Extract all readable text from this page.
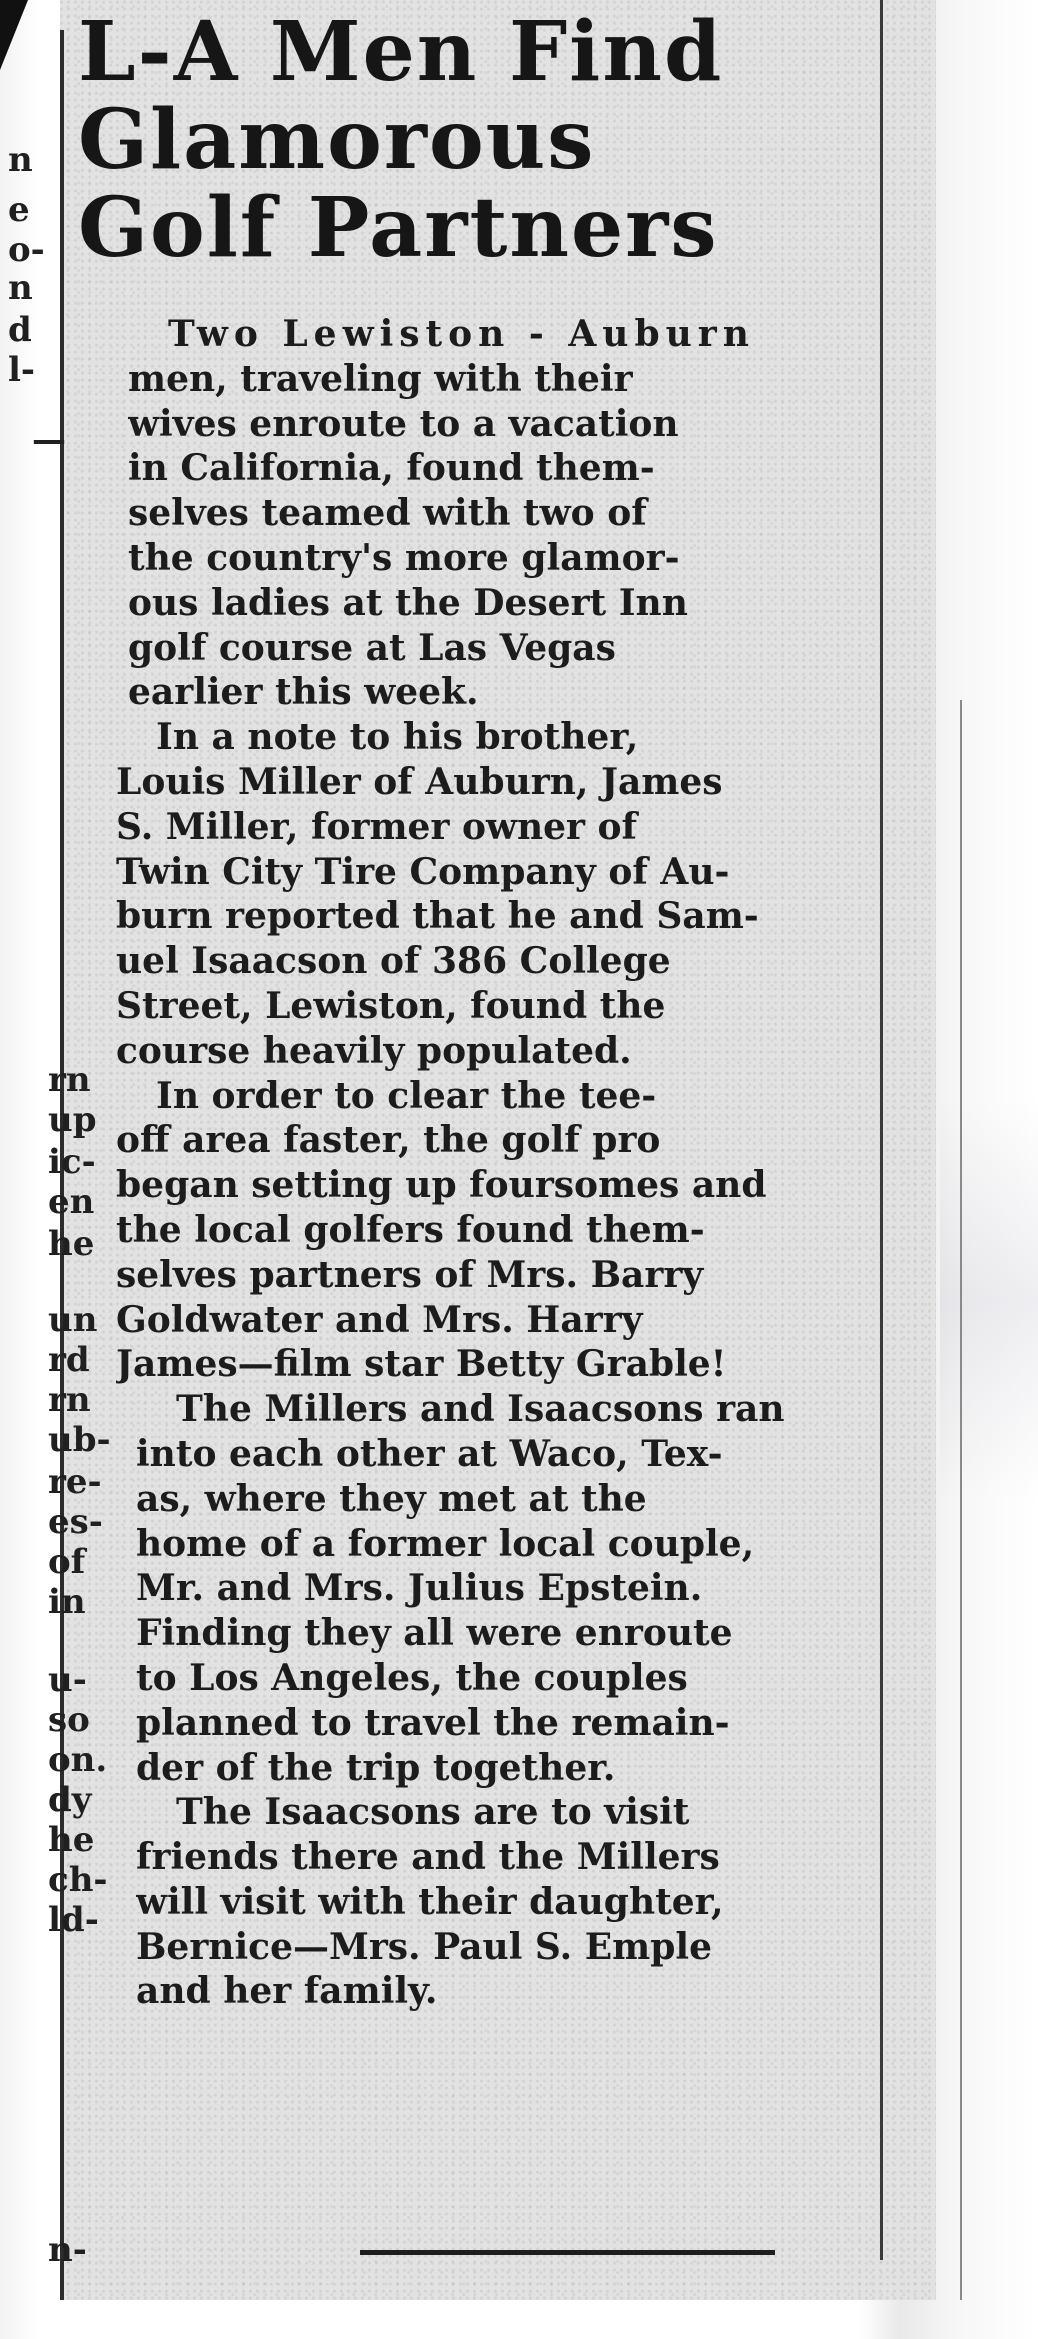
L-A Men Find
Glamorous
Golf Partners
Two Lewiston - Auburn
men, traveling with their
wives enroute to a vacation
in California, found them-
selves teamed with two of
the country's more glamor-
ous ladies at the Desert Inn
golf course at Las Vegas
earlier this week.
In a note to his brother,
Louis Miller of Auburn, James
S. Miller, former owner of
Twin City Tire Company of Au-
burn reported that he and Sam-
uel Isaacson of 386 College
Street, Lewiston, found the
course heavily populated.
In order to clear the tee-
off area faster, the golf pro
began setting up foursomes and
the local golfers found them-
selves partners of Mrs. Barry
Goldwater and Mrs. Harry
James—film star Betty Grable!
The Millers and Isaacsons ran
into each other at Waco, Tex-
as, where they met at the
home of a former local couple,
Mr. and Mrs. Julius Epstein.
Finding they all were enroute
to Los Angeles, the couples
planned to travel the remain-
der of the trip together.
The Isaacsons are to visit
friends there and the Millers
will visit with their daughter,
Bernice—Mrs. Paul S. Emple
and her family.
n
e
o-
n
d
l-
—
rn
up
ic-
en
he
un
rd
rn
ub-
re-
es-
of
in
u-
so
on.
dy
he
ch-
ld-
n-
